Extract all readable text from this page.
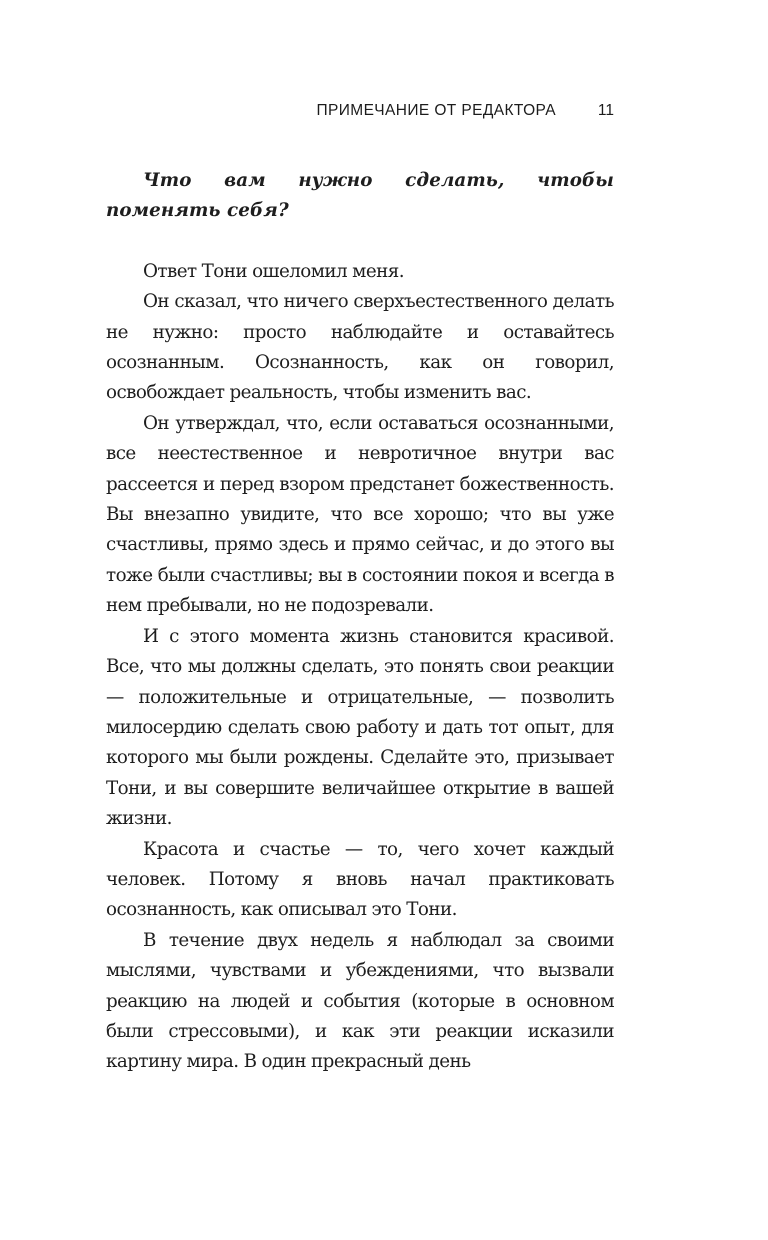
ПРИМЕЧАНИЕ ОТ РЕДАКТОРА	11

Что вам нужно сделать, чтобы поменять себя?

Ответ Тони ошеломил меня.

Он сказал, что ничего сверхъестественного делать не нужно: просто наблюдайте и оставайтесь осознанным. Осознанность, как он говорил, освобождает реальность, чтобы изменить вас.

Он утверждал, что, если оставаться осознанными, все неестественное и невротичное внутри вас рассеется и перед взором предстанет божественность. Вы внезапно увидите, что все хорошо; что вы уже счастливы, прямо здесь и прямо сейчас, и до этого вы тоже были счастливы; вы в состоянии покоя и всегда в нем пребывали, но не подозревали.

И с этого момента жизнь становится красивой. Все, что мы должны сделать, это понять свои реакции — положительные и отрицательные, — позволить милосердию сделать свою работу и дать тот опыт, для которого мы были рождены. Сделайте это, призывает Тони, и вы совершите величайшее открытие в вашей жизни.

Красота и счастье — то, чего хочет каждый человек. Потому я вновь начал практиковать осознанность, как описывал это Тони.

В течение двух недель я наблюдал за своими мыслями, чувствами и убеждениями, что вызвали реакцию на людей и события (которые в основном были стрессовыми), и как эти реакции исказили картину мира. В один прекрасный день
